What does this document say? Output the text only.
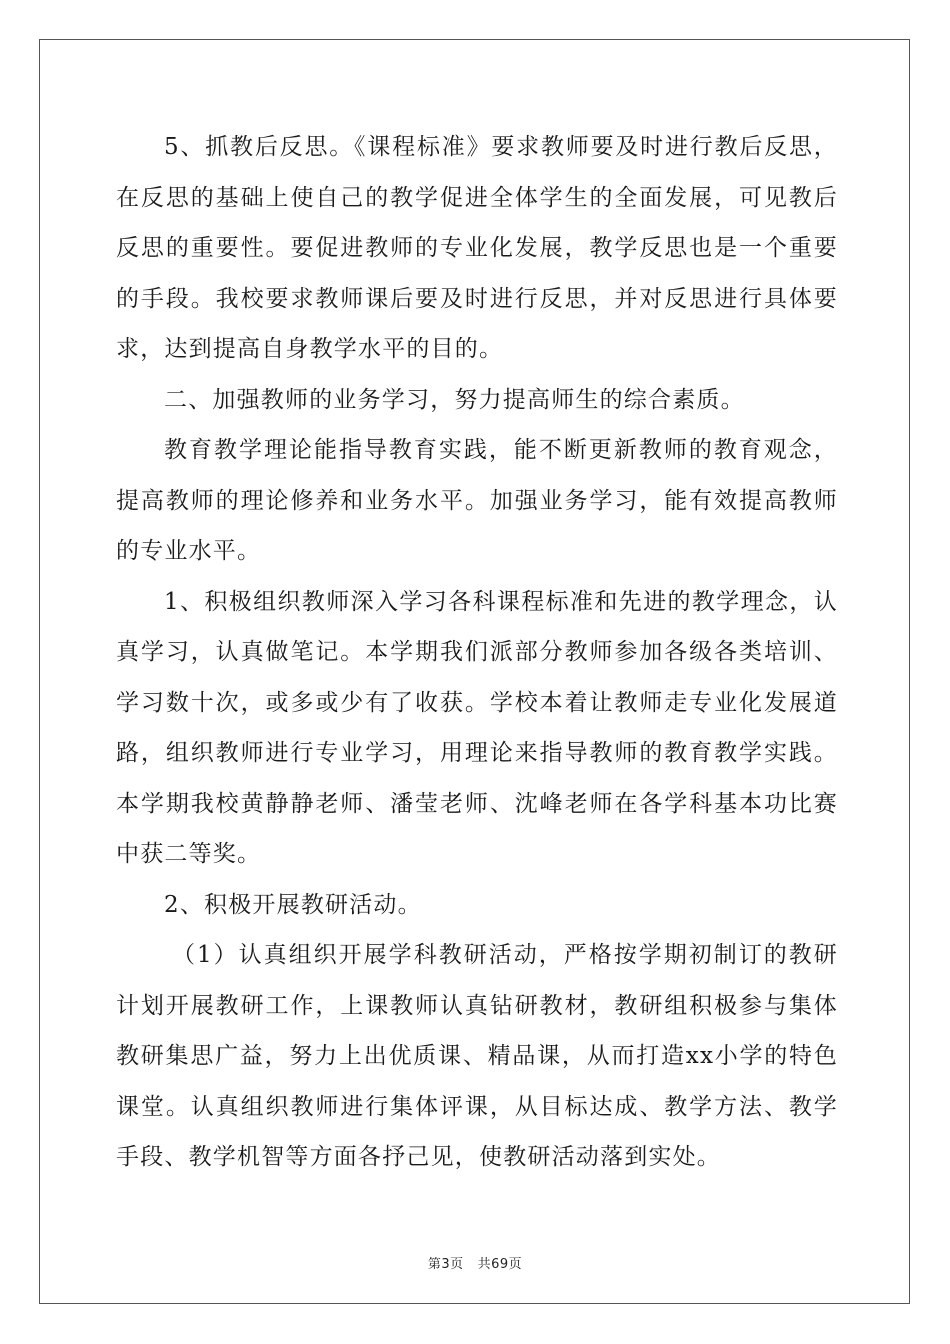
5、抓教后反思。《课程标准》要求教师要及时进行教后反思，在反思的基础上使自己的教学促进全体学生的全面发展，可见教后反思的重要性。要促进教师的专业化发展，教学反思也是一个重要的手段。我校要求教师课后要及时进行反思，并对反思进行具体要求，达到提高自身教学水平的目的。

二、加强教师的业务学习，努力提高师生的综合素质。

教育教学理论能指导教育实践，能不断更新教师的教育观念，提高教师的理论修养和业务水平。加强业务学习，能有效提高教师的专业水平。

1、积极组织教师深入学习各科课程标准和先进的教学理念，认真学习，认真做笔记。本学期我们派部分教师参加各级各类培训、学习数十次，或多或少有了收获。学校本着让教师走专业化发展道路，组织教师进行专业学习，用理论来指导教师的教育教学实践。本学期我校黄静静老师、潘莹老师、沈峰老师在各学科基本功比赛中获二等奖。

2、积极开展教研活动。

（1）认真组织开展学科教研活动，严格按学期初制订的教研计划开展教研工作，上课教师认真钻研教材，教研组积极参与集体教研集思广益，努力上出优质课、精品课，从而打造xx小学的特色课堂。认真组织教师进行集体评课，从目标达成、教学方法、教学手段、教学机智等方面各抒己见，使教研活动落到实处。

第3页 共69页
